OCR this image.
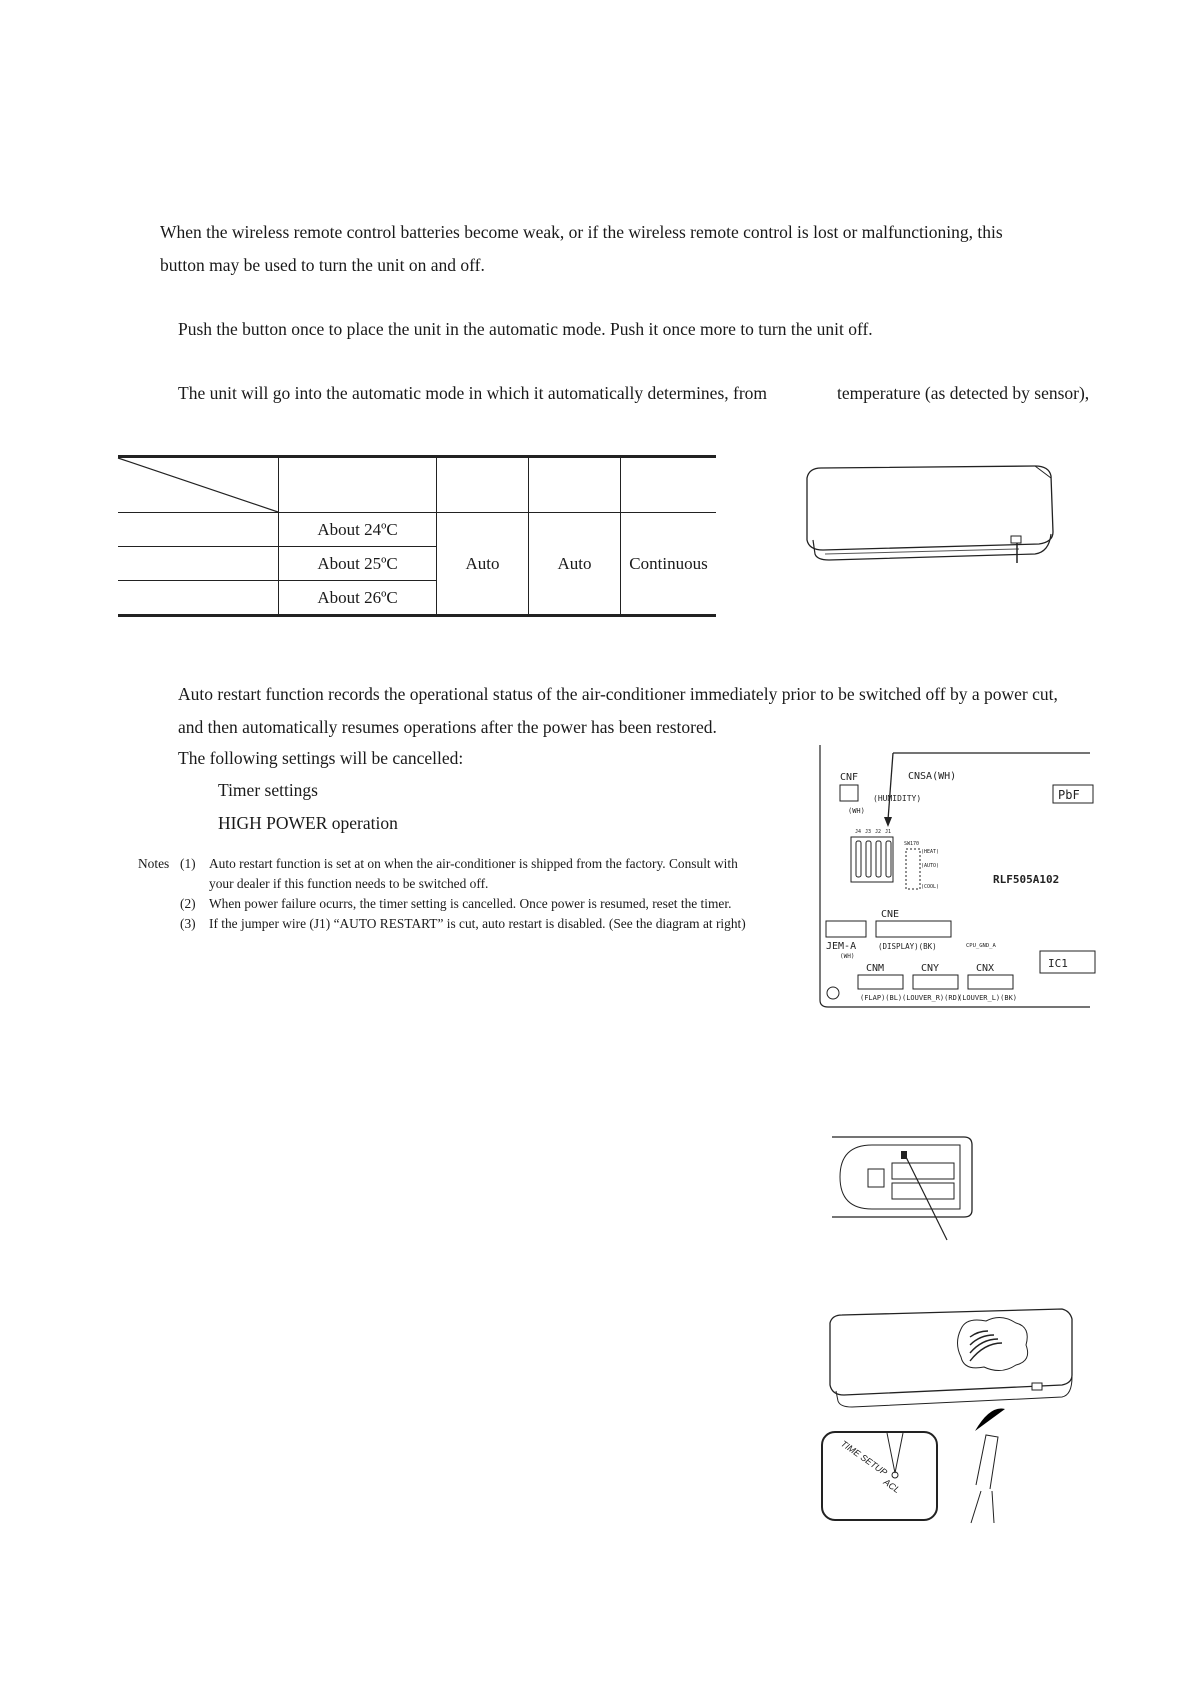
When the wireless remote control batteries become weak, or if the wireless remote control is lost or malfunctioning, this
button may be used to turn the unit on and off.
Push the button once to place the unit in the automatic mode. Push it once more to turn the unit off.
The unit will go into the automatic mode in which it automatically determines, from	temperature (as detected by sensor),

	About 24ºC	Auto	Auto	Continuous
	About 25ºC			
	About 26ºC			
Auto restart function records the operational status of the air-conditioner immediately prior to be switched off by a power cut,
and then automatically resumes operations after the power has been restored.
The following settings will be cancelled:
Timer settings
HIGH POWER operation
Notes (1) Auto restart function is set at on when the air-conditioner is shipped from the factory. Consult with
your dealer if this function needs to be switched off.
(2) When power failure ocurrs, the timer setting is cancelled. Once power is resumed, reset the timer.
(3) If the jumper wire (J1) “AUTO RESTART” is cut, auto restart is disabled. (See the diagram at right)
CNF
(WH)
CNSA(WH)
(HUMIDITY)	PbF
J4 J3 J2 J1
SW170
(HEAT)
(AUTO)
(COOL)
RLF505A102
CNE
JEM-A
(WH)
(DISPLAY)(BK)	CPU_GND_A
IC1
CNM	CNY	CNX
(FLAP)(BL) (LOUVER_R)(RD)
(LOUVER_L)(BK)
TIME SETUP
ACL
